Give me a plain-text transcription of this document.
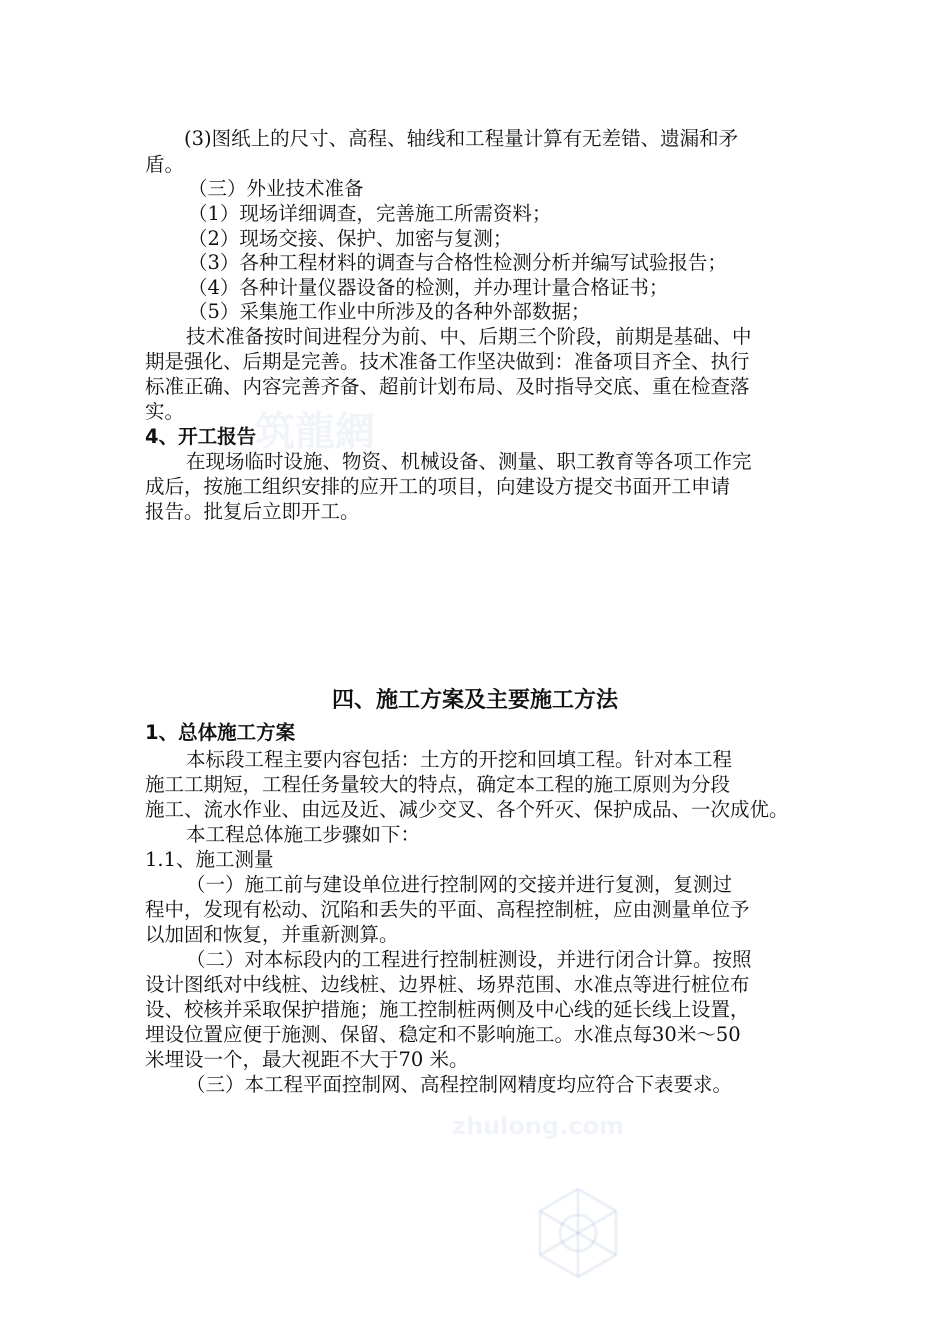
筑龍網
zhulong.com
(3)图纸上的尺寸、高程、轴线和工程量计算有无差错、遗漏和矛
盾。
（三）外业技术准备
（1）现场详细调查，完善施工所需资料；
（2）现场交接、保护、加密与复测；
（3）各种工程材料的调查与合格性检测分析并编写试验报告；
（4）各种计量仪器设备的检测，并办理计量合格证书；
（5）采集施工作业中所涉及的各种外部数据；
技术准备按时间进程分为前、中、后期三个阶段，前期是基础、中
期是强化、后期是完善。技术准备工作坚决做到：准备项目齐全、执行
标准正确、内容完善齐备、超前计划布局、及时指导交底、重在检查落
实。
4、开工报告
在现场临时设施、物资、机械设备、测量、职工教育等各项工作完
成后，按施工组织安排的应开工的项目，向建设方提交书面开工申请
报告。批复后立即开工。
四、施工方案及主要施工方法
1、总体施工方案
本标段工程主要内容包括：土方的开挖和回填工程。针对本工程
施工工期短，工程任务量较大的特点，确定本工程的施工原则为分段
施工、流水作业、由远及近、减少交叉、各个歼灭、保护成品、一次成优。
本工程总体施工步骤如下：
1.1、施工测量
（一）施工前与建设单位进行控制网的交接并进行复测，复测过
程中，发现有松动、沉陷和丢失的平面、高程控制桩，应由测量单位予
以加固和恢复，并重新测算。
（二）对本标段内的工程进行控制桩测设，并进行闭合计算。按照
设计图纸对中线桩、边线桩、边界桩、场界范围、水准点等进行桩位布
设、校核并采取保护措施；施工控制桩两侧及中心线的延长线上设置，
埋设位置应便于施测、保留、稳定和不影响施工。水准点每30米～50
米埋设一个，最大视距不大于70 米。
（三）本工程平面控制网、高程控制网精度均应符合下表要求。
